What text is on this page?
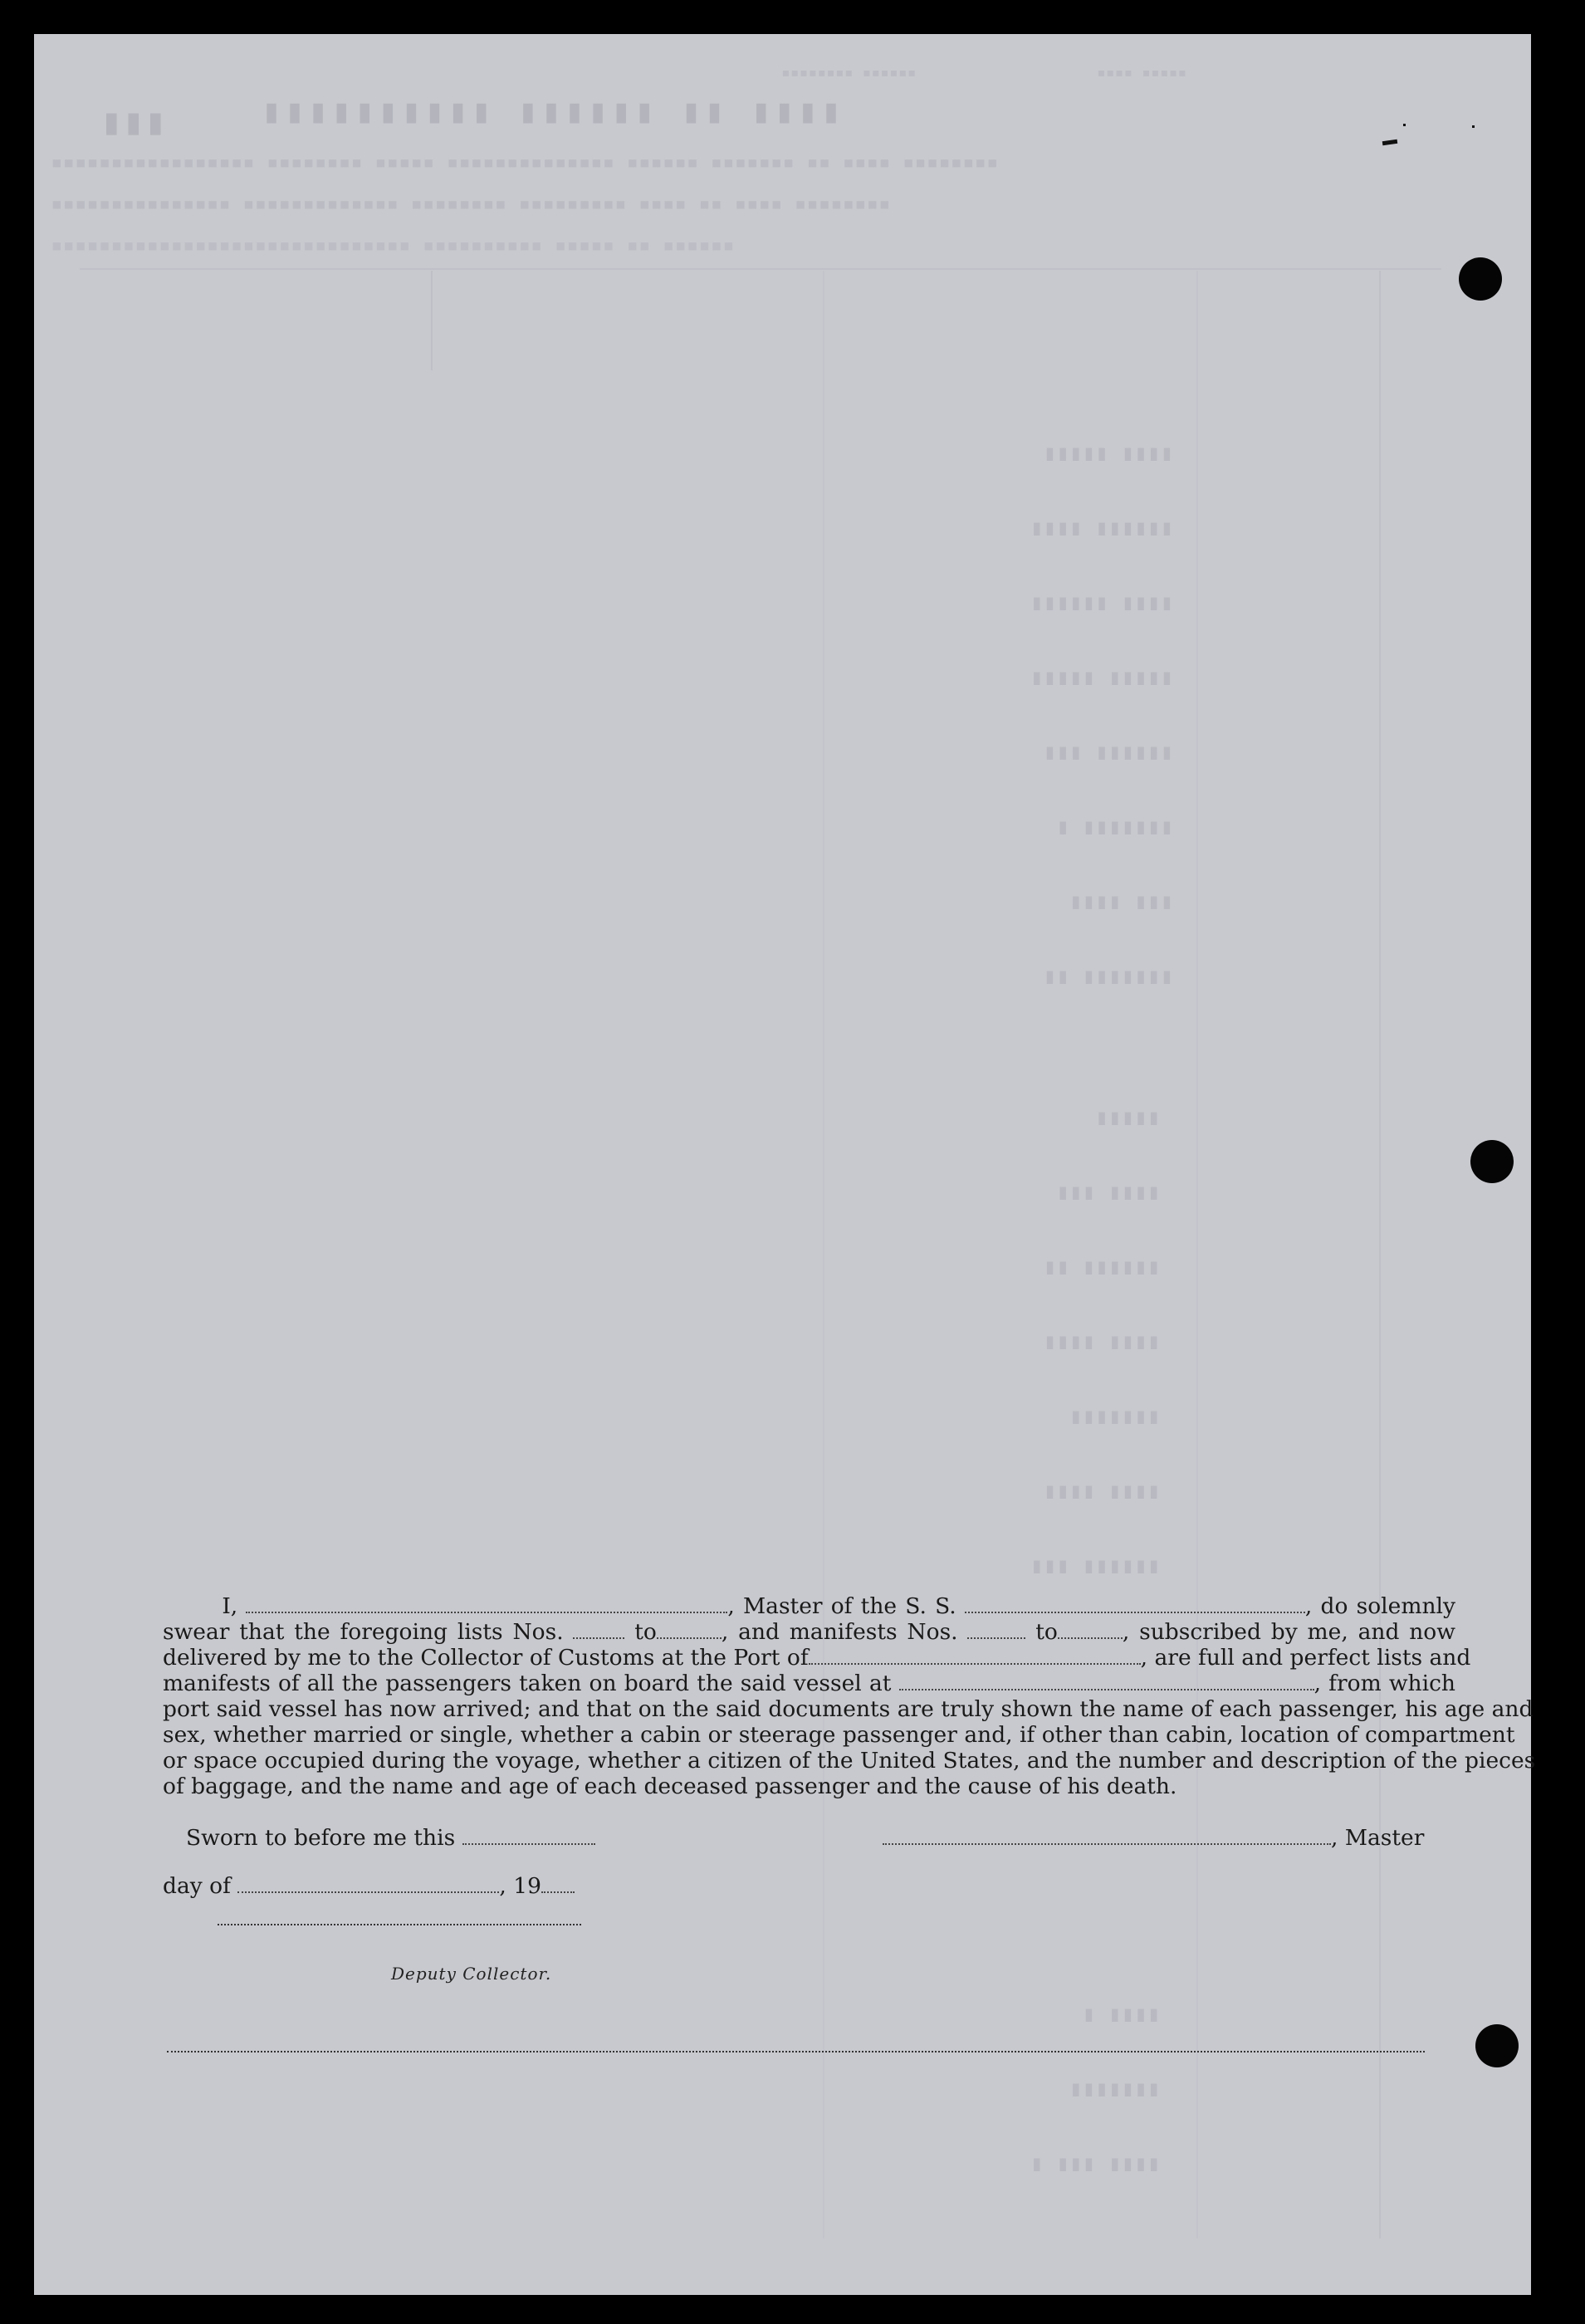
▮▮▮▮ ▮▮ ▮▮▮▮▮▮ ▮▮▮▮▮▮▮▮▮▮
▮▮▮
▪▪▪▪▪▪ ▪▪▪▪▪▪▪▪	▪▪▪▪▪ ▪▪▪▪
▪▪▪▪▪▪▪▪ ▪▪▪▪ ▪▪ ▪▪▪▪▪▪▪ ▪▪▪▪▪▪ ▪▪▪▪▪▪▪▪▪▪▪▪▪▪ ▪▪▪▪▪ ▪▪▪▪▪▪▪▪ ▪▪▪▪▪▪▪▪▪▪▪▪▪▪▪▪▪
▪▪▪▪▪▪▪▪ ▪▪▪▪ ▪▪ ▪▪▪▪ ▪▪▪▪▪▪▪▪▪ ▪▪▪▪▪▪▪▪ ▪▪▪▪▪▪▪▪▪▪▪▪▪ ▪▪▪▪▪▪▪▪▪▪▪▪▪▪▪
▪▪▪▪▪▪ ▪▪ ▪▪▪▪▪ ▪▪▪▪▪▪▪▪▪▪ ▪▪▪▪▪▪▪▪▪▪▪▪▪▪▪▪▪▪▪▪▪▪▪▪▪▪▪▪▪▪
▮▮▮▮ ▮▮▮▮▮
▮▮▮▮▮▮ ▮▮▮▮
▮▮▮▮ ▮▮▮▮▮▮
▮▮▮▮▮ ▮▮▮▮▮
▮▮▮▮▮▮ ▮▮▮
▮▮▮▮▮▮▮ ▮
▮▮▮ ▮▮▮▮
▮▮▮▮▮▮▮ ▮▮
▮▮▮▮▮
▮▮▮▮ ▮▮▮
▮▮▮▮▮▮ ▮▮
▮▮▮▮ ▮▮▮▮
▮▮▮▮▮▮▮
▮▮▮▮ ▮▮▮▮
▮▮▮▮▮▮ ▮▮▮
▮▮▮▮ ▮
▮▮▮▮▮▮▮
▮▮▮▮ ▮▮▮ ▮
I,	, Master of the S. S.	, do solemnly
swear that the foregoing lists Nos.	to	, and manifests Nos.	to	, subscribed by me, and now
delivered by me to the Collector of Customs at the Port of	, are full and perfect lists and
manifests of all the passengers taken on board the said vessel at	, from which
port said vessel has now arrived; and that on the said documents are truly shown the name of each passenger, his age and
sex, whether married or single, whether a cabin or steerage passenger and, if other than cabin, location of compartment
or space occupied during the voyage, whether a citizen of the United States, and the number and description of the pieces
of baggage, and the name and age of each deceased passenger and the cause of his death.
Sworn to before me this	, Master
day of	, 19
Deputy Collector.
